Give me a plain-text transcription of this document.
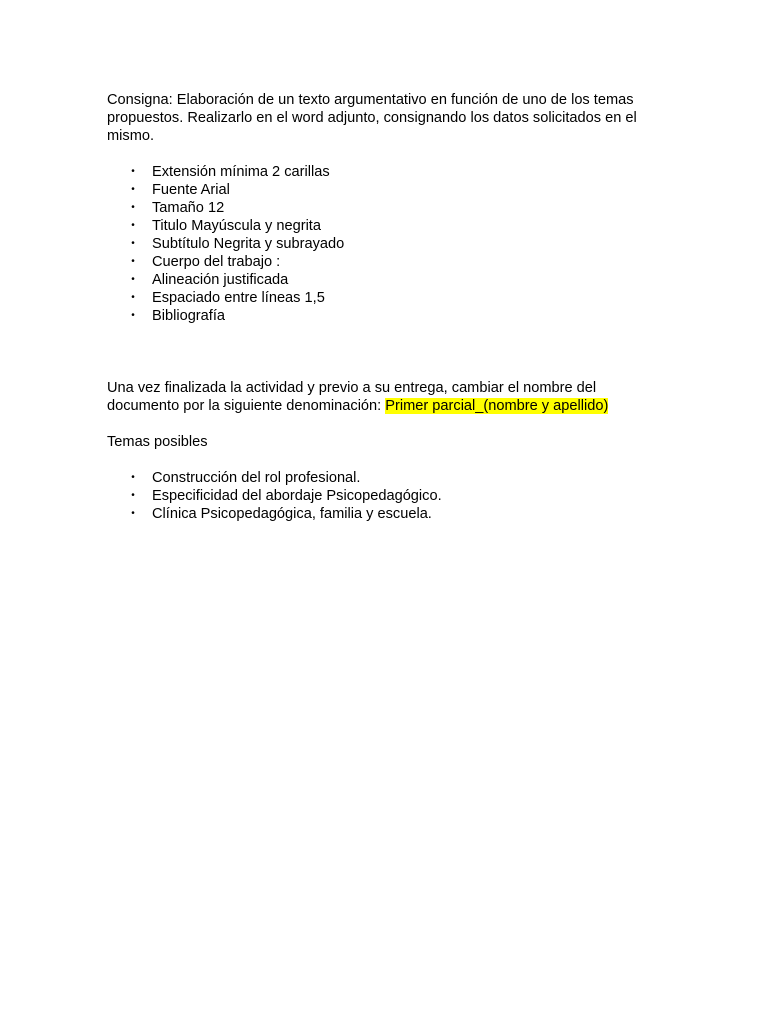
Consigna: Elaboración de un texto argumentativo en función de uno de los temas propuestos. Realizarlo en el word adjunto, consignando los datos solicitados en el mismo.

• Extensión mínima 2 carillas
• Fuente Arial
• Tamaño 12
• Titulo Mayúscula y negrita
• Subtítulo Negrita y subrayado
• Cuerpo del trabajo :
• Alineación justificada
• Espaciado entre líneas 1,5
• Bibliografía

Una vez finalizada la actividad y previo a su entrega, cambiar el nombre del documento por la siguiente denominación: Primer parcial_(nombre y apellido)

Temas posibles

• Construcción del rol profesional.
• Especificidad del abordaje Psicopedagógico.
• Clínica Psicopedagógica, familia y escuela.
